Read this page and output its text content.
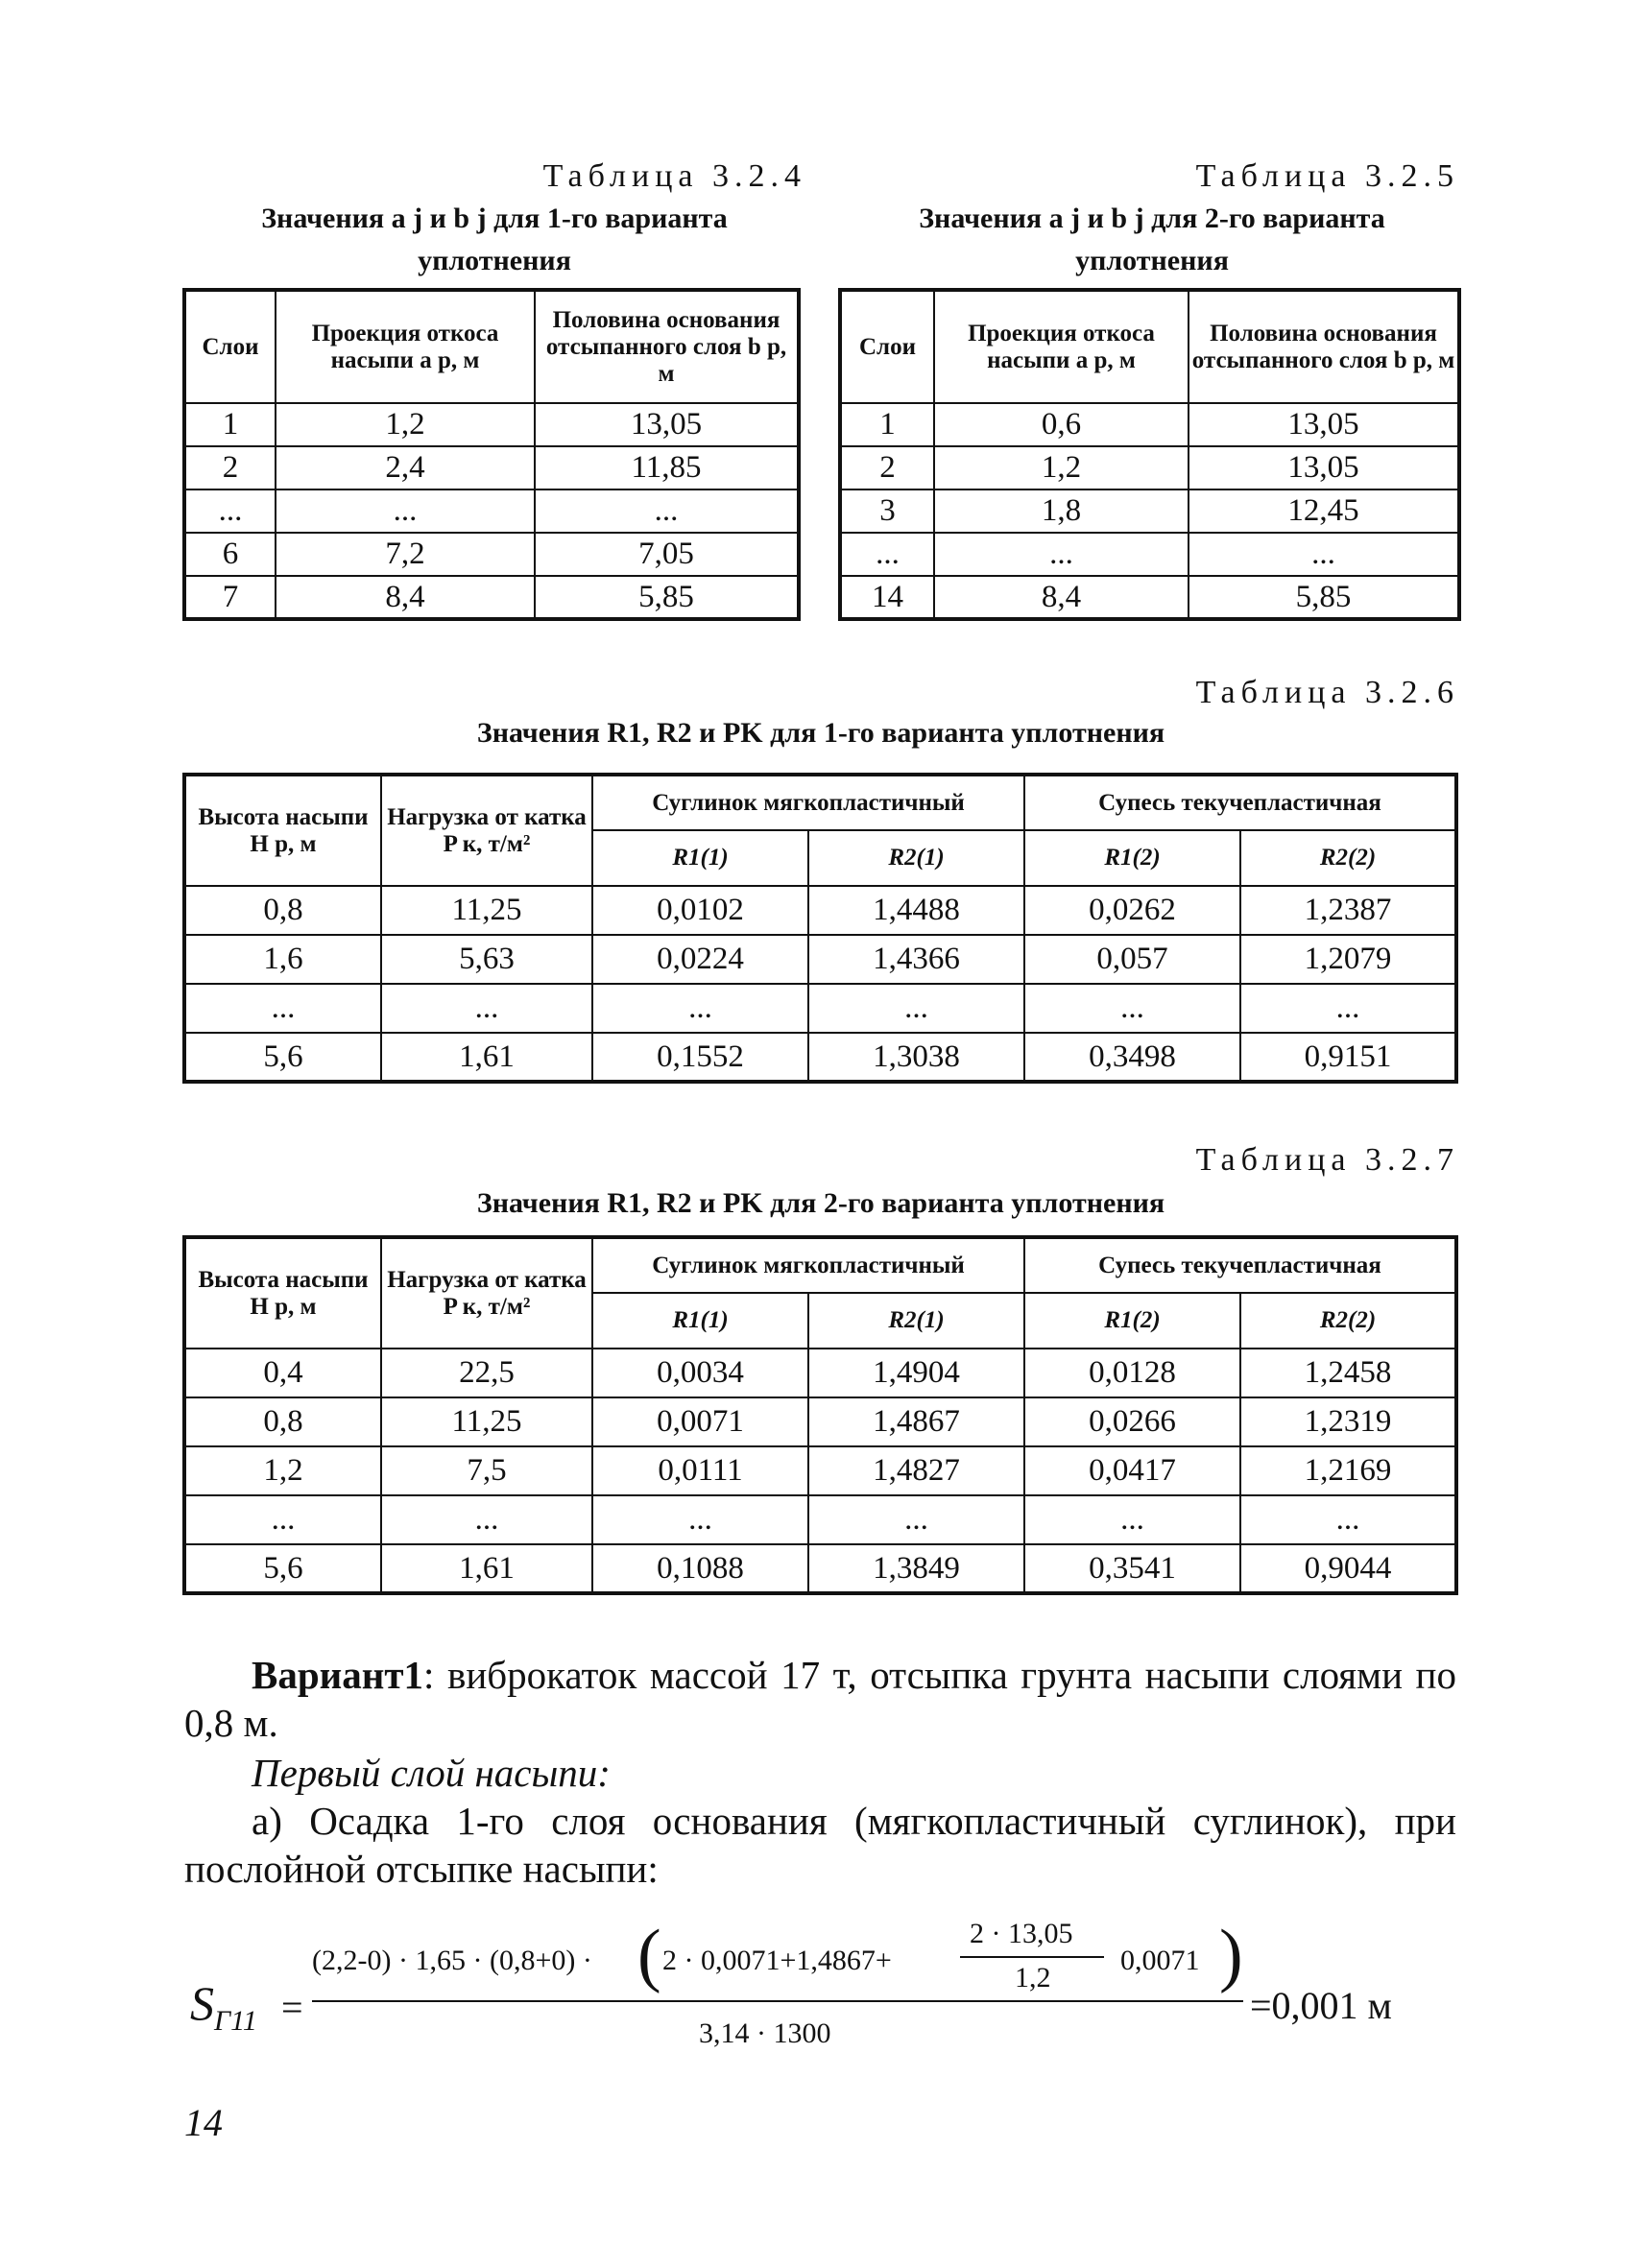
Таблица 3.2.4
Значения a j и b j для 1-го варианта уплотнения
Слои	Проекция откоса насыпи a p, м	Половина основания отсыпанного слоя b p, м
1	1,2	13,05
2	2,4	11,85
...	...	...
6	7,2	7,05
7	8,4	5,85
Таблица 3.2.5
Значения a j и b j для 2-го варианта уплотнения
Слои	Проекция откоса насыпи a p, м	Половина основания отсыпанного слоя b p, м
1	0,6	13,05
2	1,2	13,05
3	1,8	12,45
...	...	...
14	8,4	5,85
Таблица 3.2.6
Значения R1, R2 и PK для 1-го варианта уплотнения
Высота насыпи H p, м	Нагрузка от катка P к, т/м²	Суглинок мягкопластичный		Супесь текучепластичная	
		R1(1)	R2(1)	R1(2)	R2(2)
0,8	11,25	0,0102	1,4488	0,0262	1,2387
1,6	5,63	0,0224	1,4366	0,057	1,2079
...	...	...	...	...	...
5,6	1,61	0,1552	1,3038	0,3498	0,9151
Таблица 3.2.7
Значения R1, R2 и PK для 2-го варианта уплотнения
Высота насыпи H p, м	Нагрузка от катка P к, т/м²	Суглинок мягкопластичный		Супесь текучепластичная	
		R1(1)	R2(1)	R1(2)	R2(2)
0,4	22,5	0,0034	1,4904	0,0128	1,2458
0,8	11,25	0,0071	1,4867	0,0266	1,2319
1,2	7,5	0,0111	1,4827	0,0417	1,2169
...	...	...	...	...	...
5,6	1,61	0,1088	1,3849	0,3541	0,9044
Вариант1: виброкаток массой 17 т, отсыпка грунта насыпи слоями по 0,8 м.
Первый слой насыпи:
а) Осадка 1-го слоя основания (мягкопластичный суглинок), при послойной отсыпке насыпи:
$S_{Г11}$ =
(2,2-0) · 1,65 · (0,8+0) · ( 2 · 0,0071+1,4867+
2 · 13,05
1,2
0,0071 )
3,14 · 1300
=0,001 м
14
